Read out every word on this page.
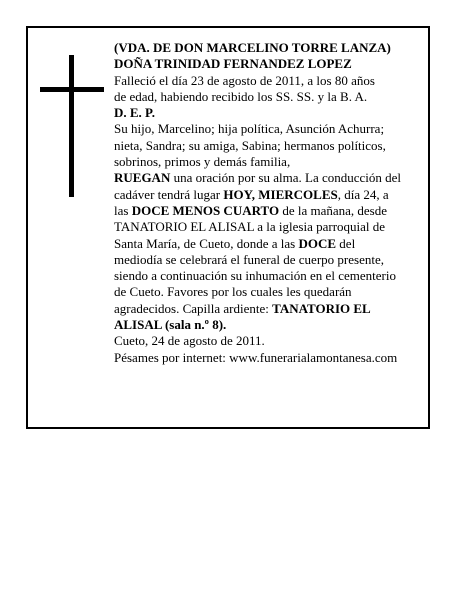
(VDA. DE DON MARCELINO TORRE LANZA)
DOÑA TRINIDAD FERNANDEZ LOPEZ
Falleció el día 23 de agosto de 2011, a los 80 años
de edad, habiendo recibido los SS. SS. y la B. A.
D. E. P.
Su hijo, Marcelino; hija política, Asunción Achurra;
nieta, Sandra; su amiga, Sabina; hermanos políticos,
sobrinos, primos y demás familia,
RUEGAN una oración por su alma. La conducción del
cadáver tendrá lugar HOY, MIERCOLES, día 24, a
las DOCE MENOS CUARTO de la mañana, desde
TANATORIO EL ALISAL a la iglesia parroquial de
Santa María, de Cueto, donde a las DOCE del
mediodía se celebrará el funeral de cuerpo presente,
siendo a continuación su inhumación en el cementerio
de Cueto. Favores por los cuales les quedarán
agradecidos. Capilla ardiente: TANATORIO EL
ALISAL (sala n.º 8).
Cueto, 24 de agosto de 2011.
Pésames por internet: www.funerarialamontanesa.com
